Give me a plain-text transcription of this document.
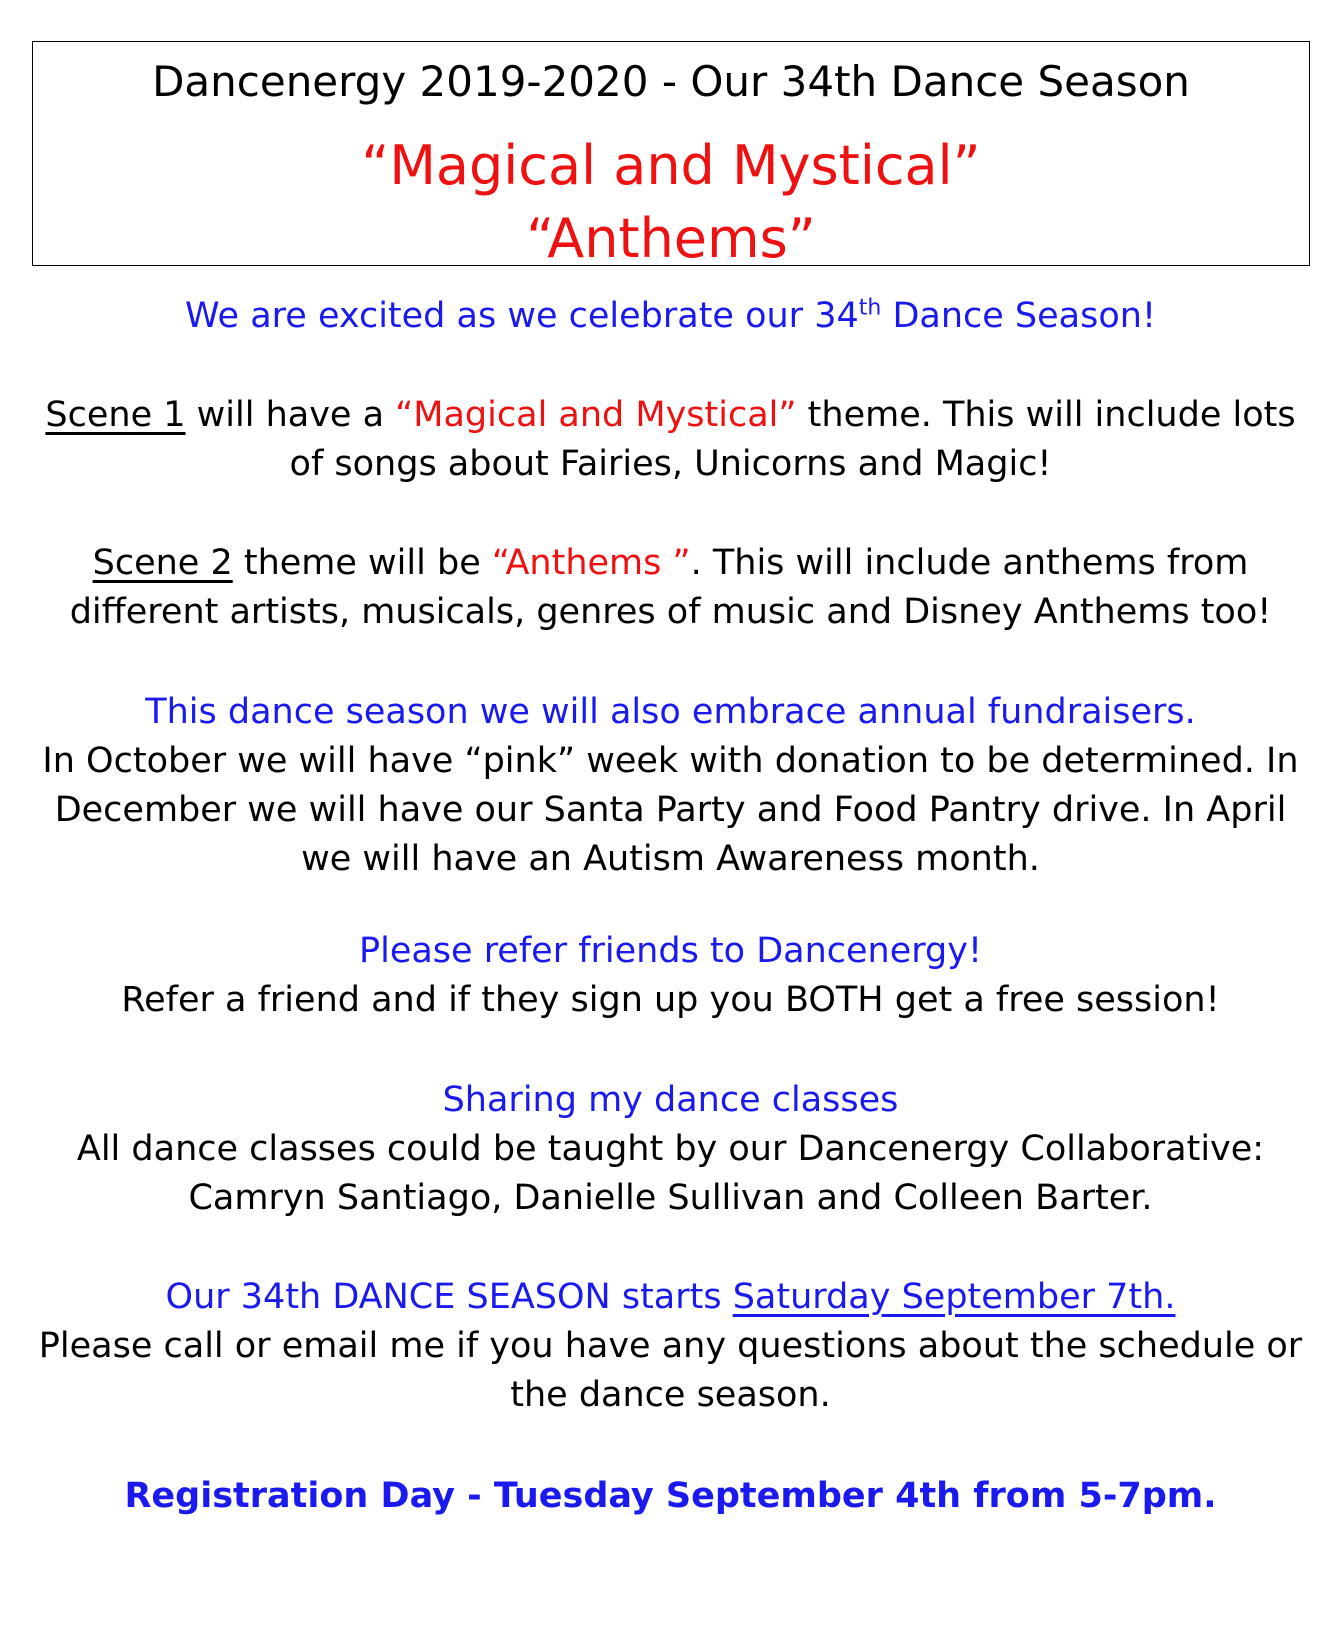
Dancenergy 2019-2020 - Our 34th Dance Season
“Magical and Mystical”
“Anthems”
We are excited as we celebrate our 34th Dance Season!
Scene 1 will have a “Magical and Mystical” theme. This will include lots
of songs about Fairies, Unicorns and Magic!
Scene 2 theme will be “Anthems ”. This will include anthems from
different artists, musicals, genres of music and Disney Anthems too!
This dance season we will also embrace annual fundraisers.
In October we will have “pink” week with donation to be determined. In
December we will have our Santa Party and Food Pantry drive. In April
we will have an Autism Awareness month.
Please refer friends to Dancenergy!
Refer a friend and if they sign up you BOTH get a free session!
Sharing my dance classes
All dance classes could be taught by our Dancenergy Collaborative:
Camryn Santiago, Danielle Sullivan and Colleen Barter.
Our 34th DANCE SEASON starts Saturday September 7th.
Please call or email me if you have any questions about the schedule or
the dance season.
Registration Day - Tuesday September 4th from 5-7pm.
